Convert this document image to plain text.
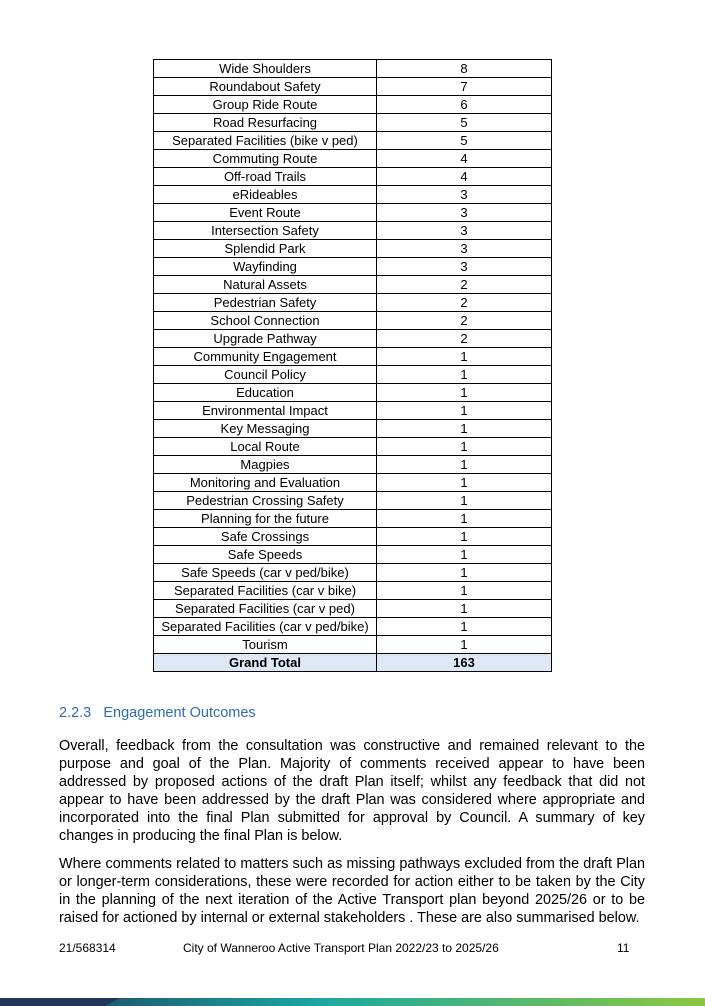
Wide Shoulders	8
Roundabout Safety	7
Group Ride Route	6
Road Resurfacing	5
Separated Facilities (bike v ped)	5
Commuting Route	4
Off-road Trails	4
eRideables	3
Event Route	3
Intersection Safety	3
Splendid Park	3
Wayfinding	3
Natural Assets	2
Pedestrian Safety	2
School Connection	2
Upgrade Pathway	2
Community Engagement	1
Council Policy	1
Education	1
Environmental Impact	1
Key Messaging	1
Local Route	1
Magpies	1
Monitoring and Evaluation	1
Pedestrian Crossing Safety	1
Planning for the future	1
Safe Crossings	1
Safe Speeds	1
Safe Speeds (car v ped/bike)	1
Separated Facilities (car v bike)	1
Separated Facilities (car v ped)	1
Separated Facilities (car v ped/bike)	1
Tourism	1
Grand Total	163
2.2.3 Engagement Outcomes

Overall, feedback from the consultation was constructive and remained relevant to the purpose and goal of the Plan. Majority of comments received appear to have been addressed by proposed actions of the draft Plan itself; whilst any feedback that did not appear to have been addressed by the draft Plan was considered where appropriate and incorporated into the final Plan submitted for approval by Council. A summary of key changes in producing the final Plan is below.

Where comments related to matters such as missing pathways excluded from the draft Plan or longer-term considerations, these were recorded for action either to be taken by the City in the planning of the next iteration of the Active Transport plan beyond 2025/26 or to be raised for actioned by internal or external stakeholders . These are also summarised below.

21/568314	City of Wanneroo Active Transport Plan 2022/23 to 2025/26	11
